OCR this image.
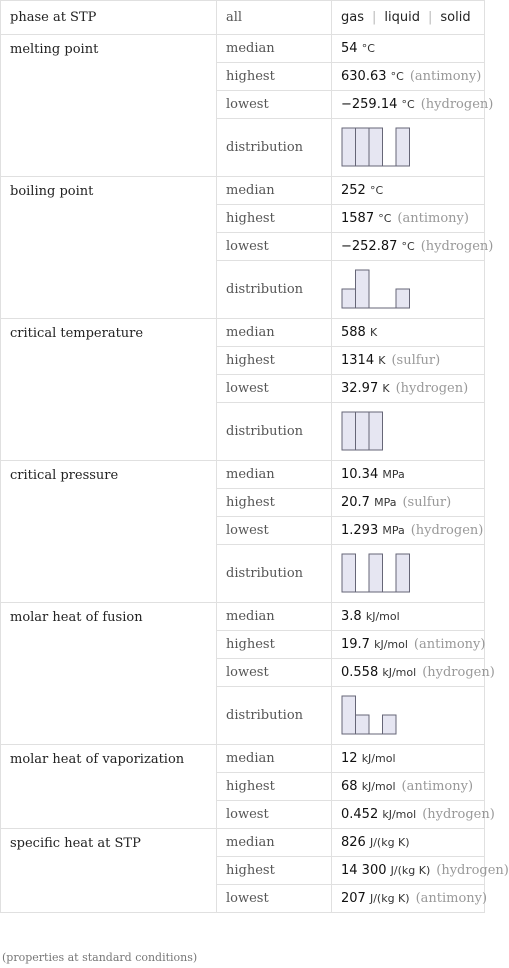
phase at STP	all	gas | liquid | solid
melting point	median	54 °C
	highest	630.63 °C (antimony)
	lowest	−259.14 °C (hydrogen)
	distribution	

boiling point	median	252 °C
	highest	1587 °C (antimony)
	lowest	−252.87 °C (hydrogen)
	distribution	

critical temperature	median	588 K
	highest	1314 K (sulfur)
	lowest	32.97 K (hydrogen)
	distribution	

critical pressure	median	10.34 MPa
	highest	20.7 MPa (sulfur)
	lowest	1.293 MPa (hydrogen)
	distribution	

molar heat of fusion	median	3.8 kJ/mol
	highest	19.7 kJ/mol (antimony)
	lowest	0.558 kJ/mol (hydrogen)
	distribution	

molar heat of vaporization	median	12 kJ/mol
	highest	68 kJ/mol (antimony)
	lowest	0.452 kJ/mol (hydrogen)
specific heat at STP	median	826 J/(kg K)
	highest	14 300 J/(kg K) (hydrogen)
	lowest	207 J/(kg K) (antimony)
(properties at standard conditions)
